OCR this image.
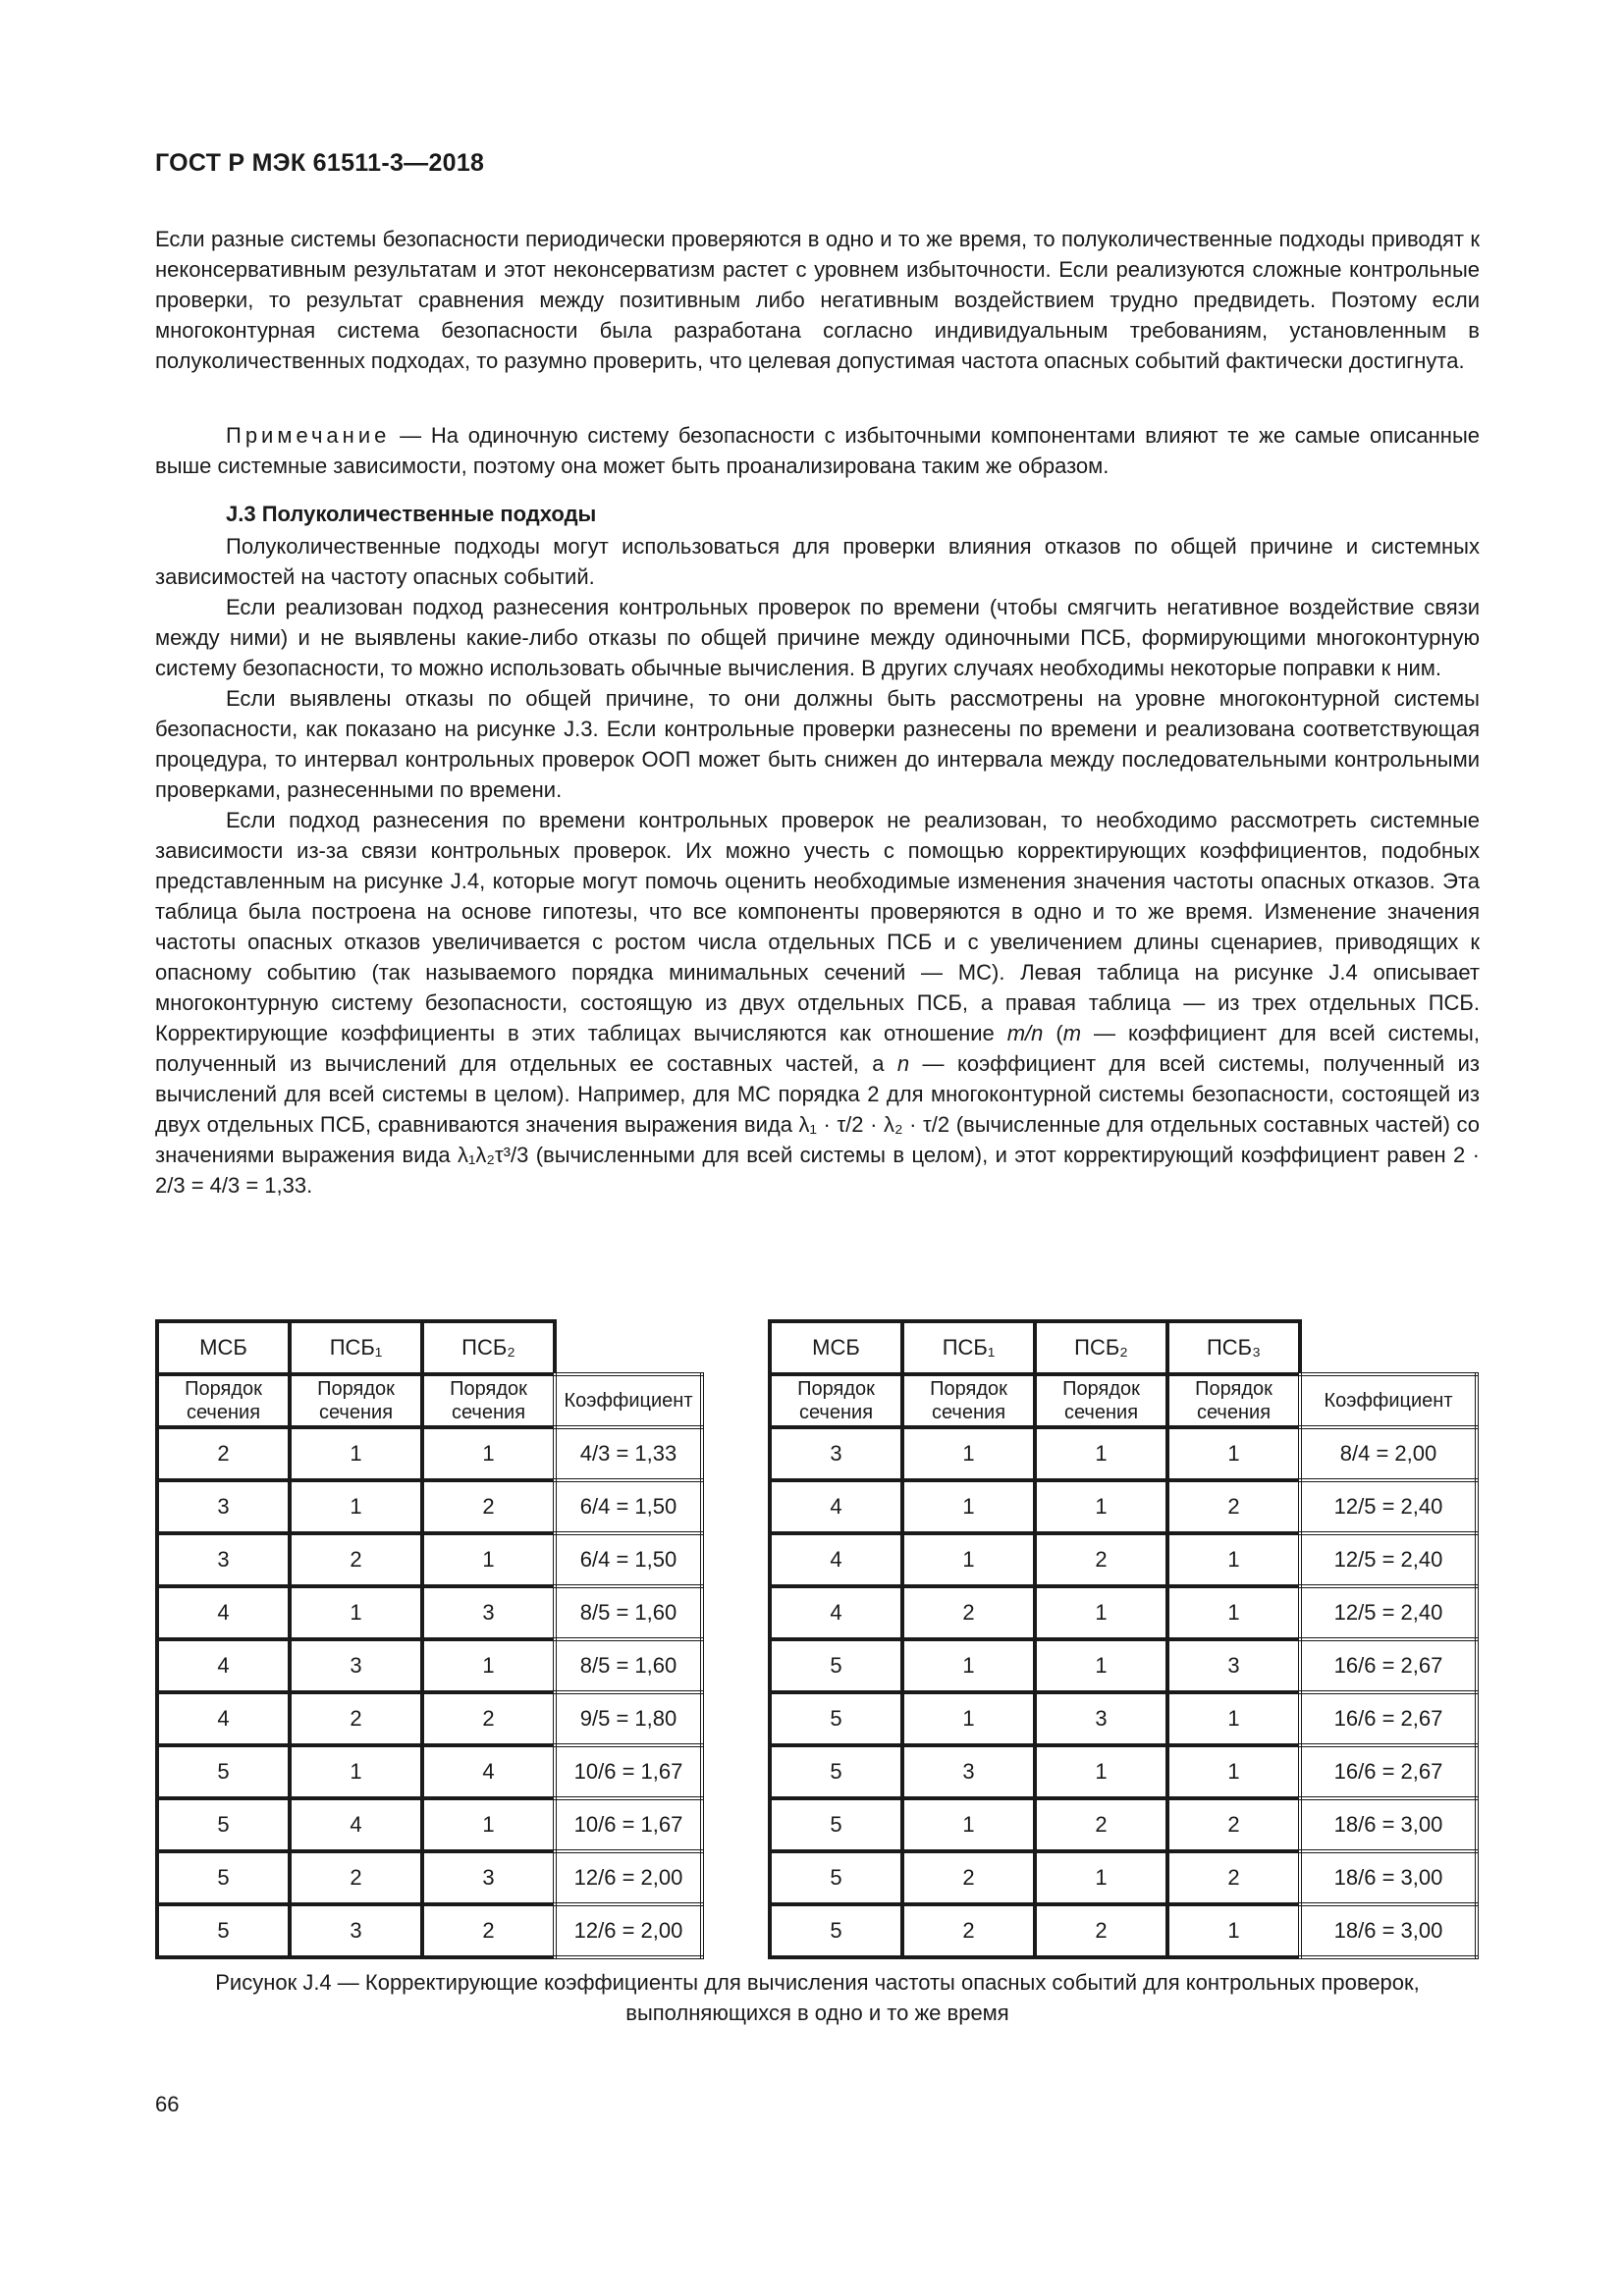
ГОСТ Р МЭК 61511-3—2018

Если разные системы безопасности периодически проверяются в одно и то же время, то полуколичественные подходы приводят к неконсервативным результатам и этот неконсерватизм растет с уровнем избыточности. Если реализуются сложные контрольные проверки, то результат сравнения между позитивным либо негативным воздействием трудно предвидеть. Поэтому если многоконтурная система безопасности была разработана согласно индивидуальным требованиям, установленным в полуколичественных подходах, то разумно проверить, что целевая допустимая частота опасных событий фактически достигнута.

Примечание — На одиночную систему безопасности с избыточными компонентами влияют те же самые описанные выше системные зависимости, поэтому она может быть проанализирована таким же образом.

J.3 Полуколичественные подходы

Полуколичественные подходы могут использоваться для проверки влияния отказов по общей причине и системных зависимостей на частоту опасных событий.

Если реализован подход разнесения контрольных проверок по времени (чтобы смягчить негативное воздействие связи между ними) и не выявлены какие-либо отказы по общей причине между одиночными ПСБ, формирующими многоконтурную систему безопасности, то можно использовать обычные вычисления. В других случаях необходимы некоторые поправки к ним.

Если выявлены отказы по общей причине, то они должны быть рассмотрены на уровне многоконтурной системы безопасности, как показано на рисунке J.3. Если контрольные проверки разнесены по времени и реализована соответствующая процедура, то интервал контрольных проверок ООП может быть снижен до интервала между последовательными контрольными проверками, разнесенными по времени.

Если подход разнесения по времени контрольных проверок не реализован, то необходимо рассмотреть системные зависимости из-за связи контрольных проверок. Их можно учесть с помощью корректирующих коэффициентов, подобных представленным на рисунке J.4, которые могут помочь оценить необходимые изменения значения частоты опасных отказов. Эта таблица была построена на основе гипотезы, что все компоненты проверяются в одно и то же время. Изменение значения частоты опасных отказов увеличивается с ростом числа отдельных ПСБ и с увеличением длины сценариев, приводящих к опасному событию (так называемого порядка минимальных сечений — МС). Левая таблица на рисунке J.4 описывает многоконтурную систему безопасности, состоящую из двух отдельных ПСБ, а правая таблица — из трех отдельных ПСБ. Корректирующие коэффициенты в этих таблицах вычисляются как отношение m/n (m — коэффициент для всей системы, полученный из вычислений для отдельных ее составных частей, а n — коэффициент для всей системы, полученный из вычислений для всей системы в целом). Например, для МС порядка 2 для многоконтурной системы безопасности, состоящей из двух отдельных ПСБ, сравниваются значения выражения вида λ₁ · τ/2 · λ₂ · τ/2 (вычисленные для отдельных составных частей) со значениями выражения вида λ₁λ₂τ³/3 (вычисленными для всей системы в целом), и этот корректирующий коэффициент равен 2 · 2/3 = 4/3 = 1,33.

МСБ	ПСБ₁	ПСБ₂	
Порядок сечения	Порядок сечения	Порядок сечения	Коэффициент
2	1	1	4/3 = 1,33
3	1	2	6/4 = 1,50
3	2	1	6/4 = 1,50
4	1	3	8/5 = 1,60
4	3	1	8/5 = 1,60
4	2	2	9/5 = 1,80
5	1	4	10/6 = 1,67
5	4	1	10/6 = 1,67
5	2	3	12/6 = 2,00
5	3	2	12/6 = 2,00
МСБ	ПСБ₁	ПСБ₂	ПСБ₃	
Порядок сечения	Порядок сечения	Порядок сечения	Порядок сечения	Коэффициент
3	1	1	1	8/4 = 2,00
4	1	1	2	12/5 = 2,40
4	1	2	1	12/5 = 2,40
4	2	1	1	12/5 = 2,40
5	1	1	3	16/6 = 2,67
5	1	3	1	16/6 = 2,67
5	3	1	1	16/6 = 2,67
5	1	2	2	18/6 = 3,00
5	2	1	2	18/6 = 3,00
5	2	2	1	18/6 = 3,00
Рисунок J.4 — Корректирующие коэффициенты для вычисления частоты опасных событий для контрольных проверок, выполняющихся в одно и то же время
66
